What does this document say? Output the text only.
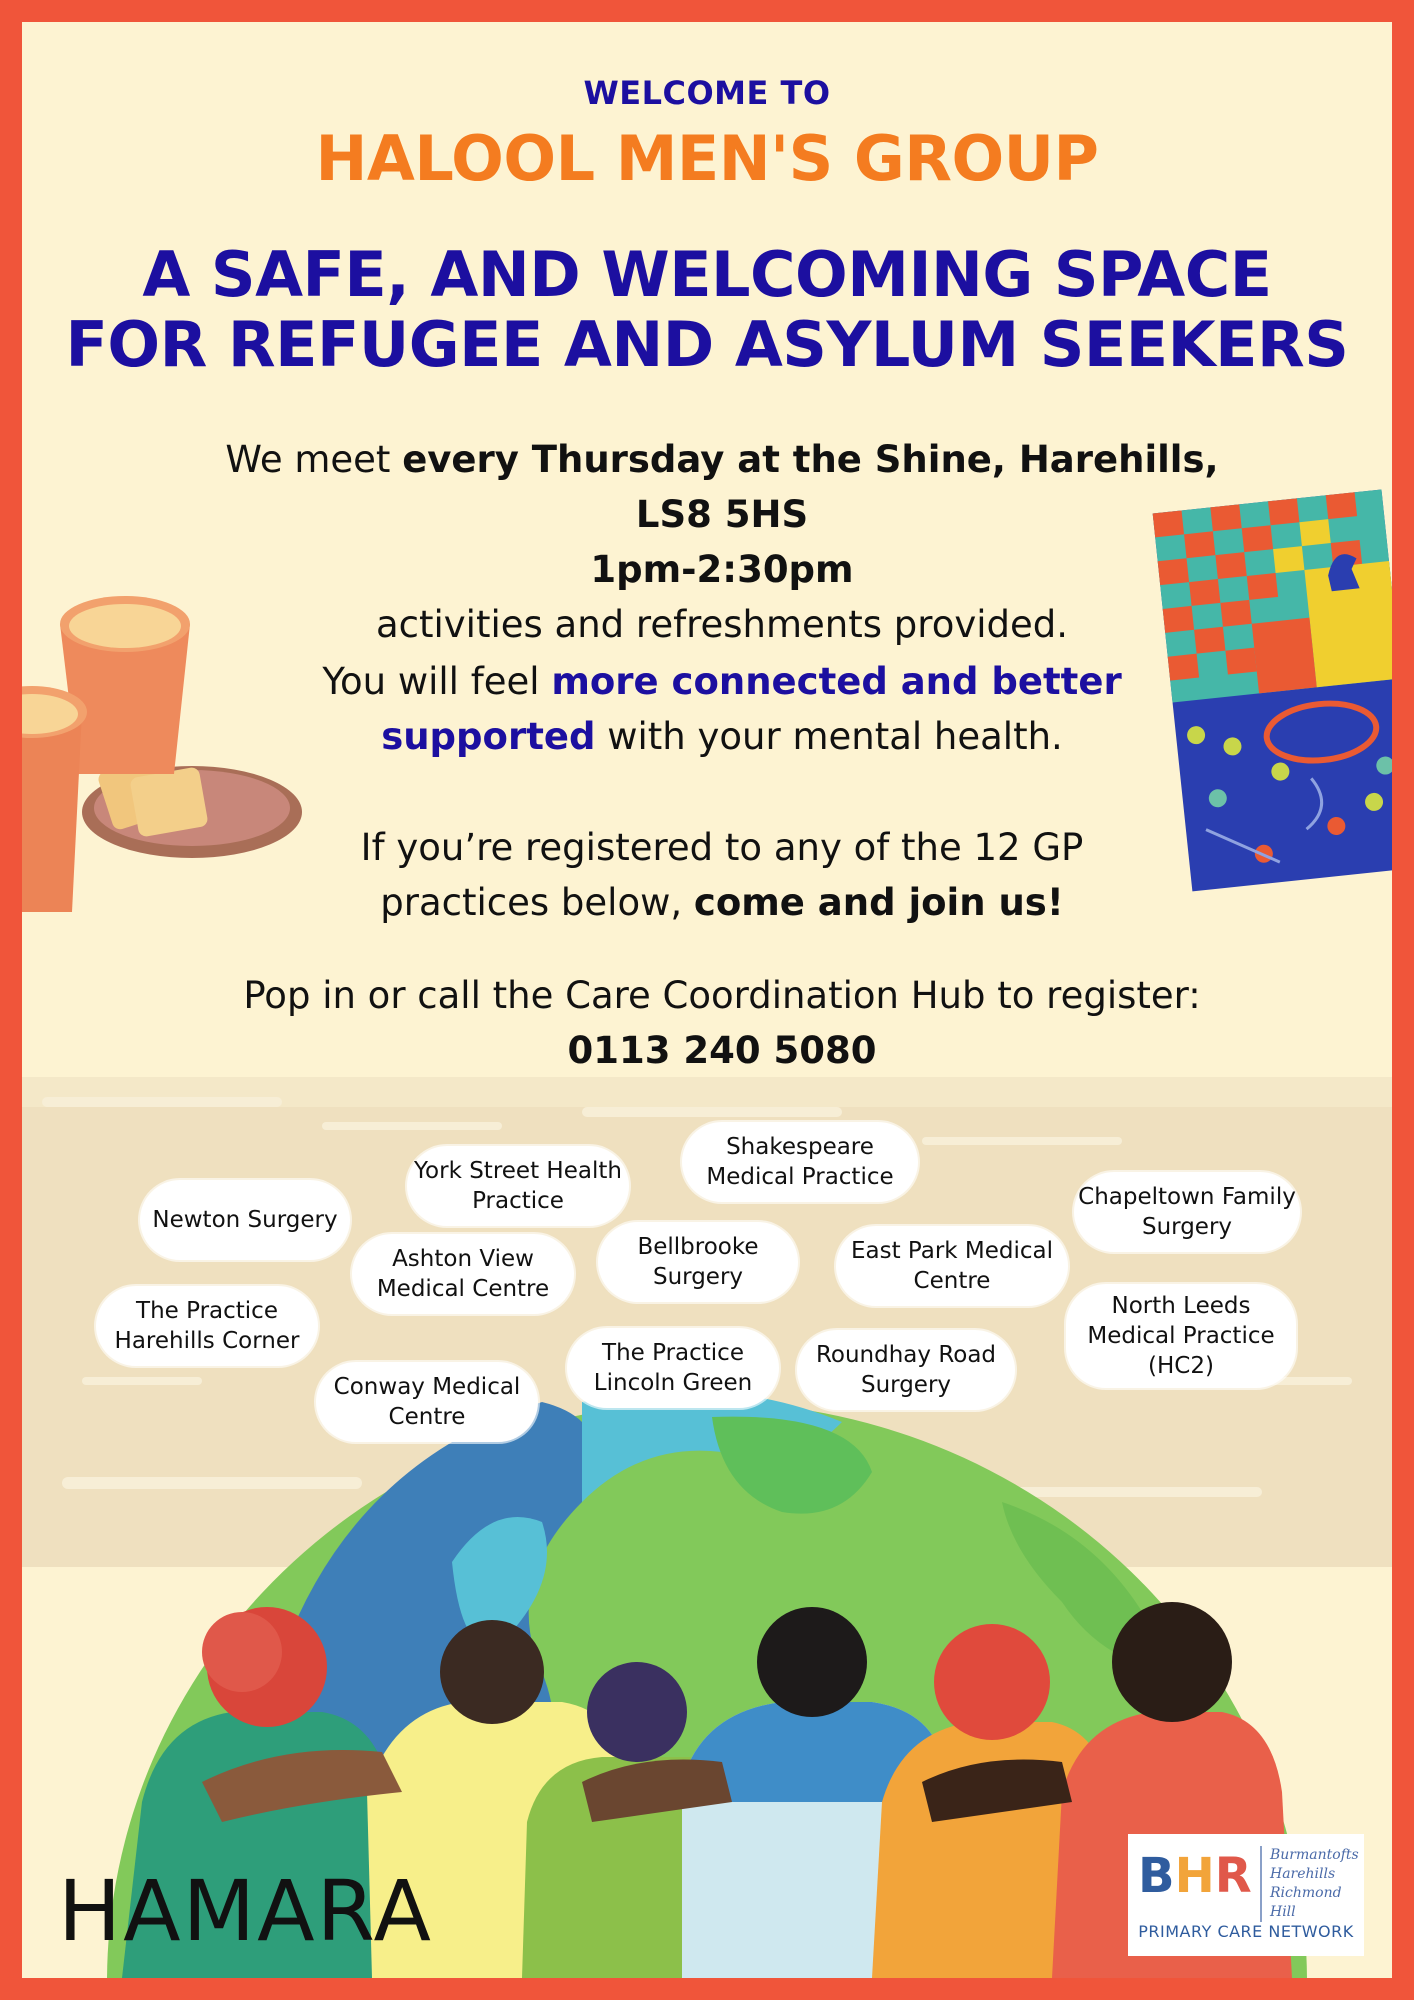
WELCOME TO
HALOOL MEN'S GROUP
A SAFE, AND WELCOMING SPACE
FOR REFUGEE AND ASYLUM SEEKERS
We meet every Thursday at the Shine, Harehills, LS8 5HS
1pm-2:30pm
activities and refreshments provided.
You will feel more connected and better supported with your mental health.
If you’re registered to any of the 12 GP practices below, come and join us!
Pop in or call the Care Coordination Hub to register:
0113 240 5080
Newton Surgery
York Street Health Practice
Shakespeare Medical Practice
Chapeltown Family Surgery
Ashton View Medical Centre
Bellbrooke Surgery
East Park Medical Centre
The Practice Harehills Corner
North Leeds Medical Practice (HC2)
Conway Medical Centre
The Practice Lincoln Green
Roundhay Road Surgery
HAMARA	BHR Burmantofts
Harehills
Richmond Hill
PRIMARY CARE NETWORK
